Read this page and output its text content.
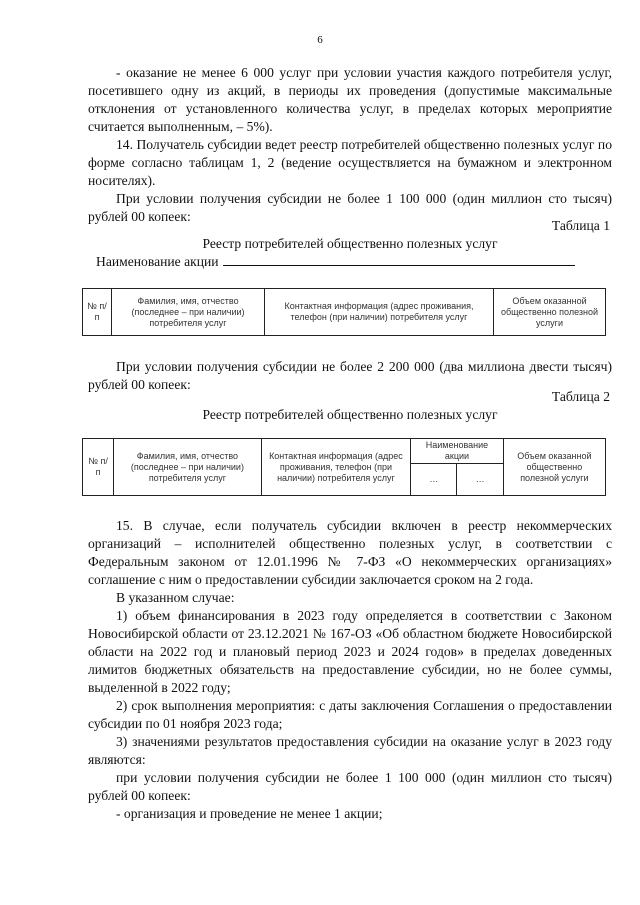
6
- оказание не менее 6 000 услуг при условии участия каждого потребителя услуг, посетившего одну из акций, в периоды их проведения (допустимые максимальные отклонения от установленного количества услуг, в пределах которых мероприятие считается выполненным, – 5%).
14. Получатель субсидии ведет реестр потребителей общественно полезных услуг по форме согласно таблицам 1, 2 (ведение осуществляется на бумажном и электронном носителях).
При условии получения субсидии не более 1 100 000 (один миллион сто тысяч) рублей 00 копеек:
Таблица 1
Реестр потребителей общественно полезных услуг
Наименование акции
№ п/п	Фамилия, имя, отчество (последнее – при наличии) потребителя услуг	Контактная информация (адрес проживания, телефон (при наличии) потребителя услуг	Объем оказанной общественно полезной услуги
При условии получения субсидии не более 2 200 000 (два миллиона двести тысяч) рублей 00 копеек:
Таблица 2
Реестр потребителей общественно полезных услуг
№ п/п	Фамилия, имя, отчество (последнее – при наличии) потребителя услуг	Контактная информация (адрес проживания, телефон (при наличии) потребителя услуг	Наименование акции		Объем оказанной общественно полезной услуги
			…	…	
15. В случае, если получатель субсидии включен в реестр некоммерческих организаций – исполнителей общественно полезных услуг, в соответствии с Федеральным законом от 12.01.1996 № 7-ФЗ «О некоммерческих организациях» соглашение с ним о предоставлении субсидии заключается сроком на 2 года.
В указанном случае:
1) объем финансирования в 2023 году определяется в соответствии с Законом Новосибирской области от 23.12.2021 № 167-ОЗ «Об областном бюджете Новосибирской области на 2022 год и плановый период 2023 и 2024 годов» в пределах доведенных лимитов бюджетных обязательств на предоставление субсидии, но не более суммы, выделенной в 2022 году;
2) срок выполнения мероприятия: с даты заключения Соглашения о предоставлении субсидии по 01 ноября 2023 года;
3) значениями результатов предоставления субсидии на оказание услуг в 2023 году являются:
при условии получения субсидии не более 1 100 000 (один миллион сто тысяч) рублей 00 копеек:
- организация и проведение не менее 1 акции;
